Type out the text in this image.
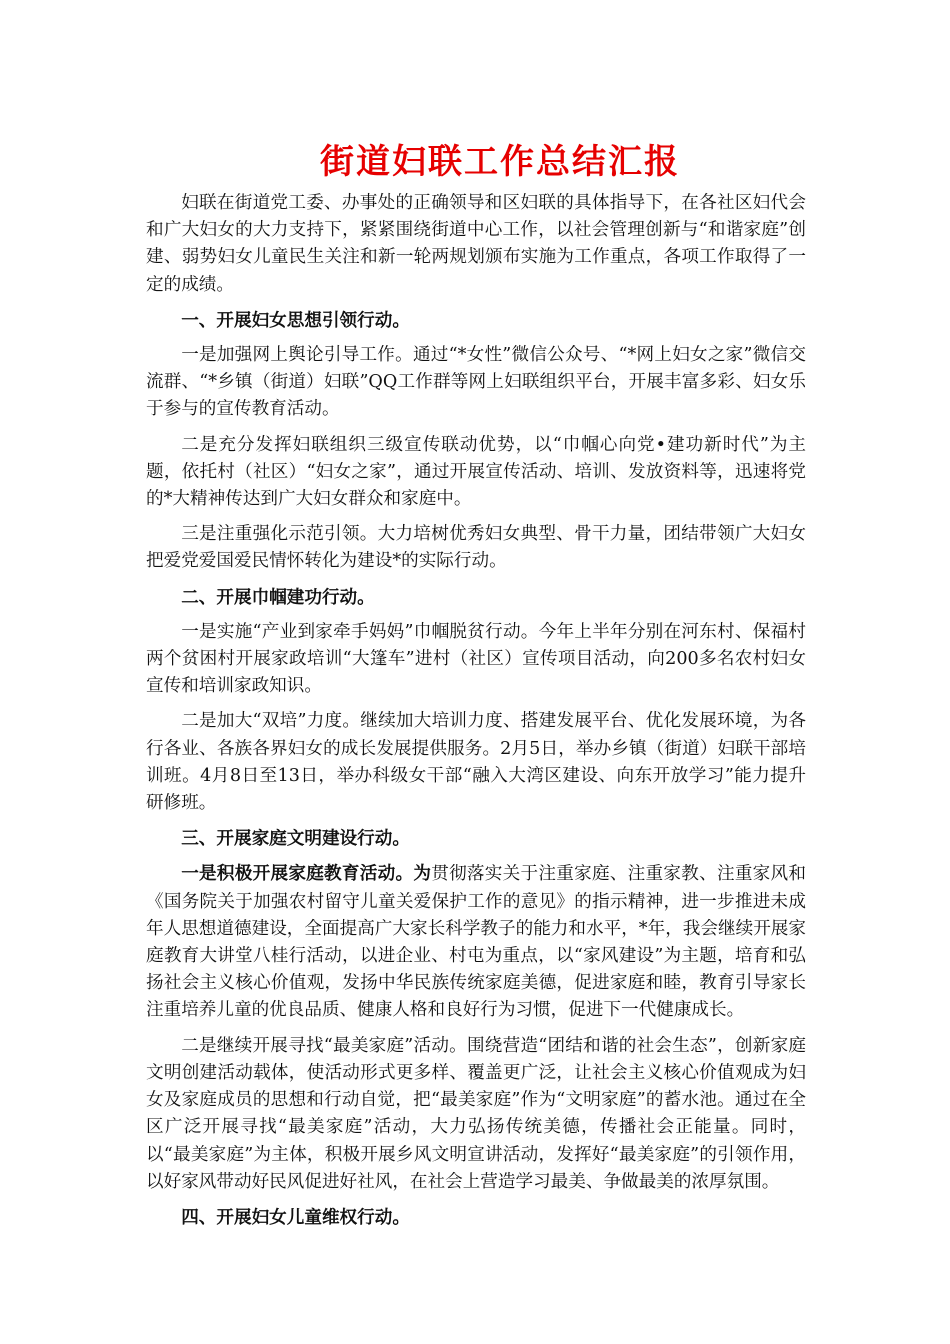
街道妇联工作总结汇报

妇联在街道党工委、办事处的正确领导和区妇联的具体指导下，在各社区妇代会和广大妇女的大力支持下，紧紧围绕街道中心工作，以社会管理创新与“和谐家庭”创建、弱势妇女儿童民生关注和新一轮两规划颁布实施为工作重点，各项工作取得了一定的成绩。

一、开展妇女思想引领行动。

一是加强网上舆论引导工作。通过“*女性”微信公众号、“*网上妇女之家”微信交流群、“*乡镇（街道）妇联”QQ工作群等网上妇联组织平台，开展丰富多彩、妇女乐于参与的宣传教育活动。

二是充分发挥妇联组织三级宣传联动优势，以“巾帼心向党•建功新时代”为主题，依托村（社区）“妇女之家”，通过开展宣传活动、培训、发放资料等，迅速将党的*大精神传达到广大妇女群众和家庭中。

三是注重强化示范引领。大力培树优秀妇女典型、骨干力量，团结带领广大妇女把爱党爱国爱民情怀转化为建设*的实际行动。

二、开展巾帼建功行动。

一是实施“产业到家牵手妈妈”巾帼脱贫行动。今年上半年分别在河东村、保福村两个贫困村开展家政培训“大篷车”进村（社区）宣传项目活动，向200多名农村妇女宣传和培训家政知识。

二是加大“双培”力度。继续加大培训力度、搭建发展平台、优化发展环境，为各行各业、各族各界妇女的成长发展提供服务。2月5日，举办乡镇（街道）妇联干部培训班。4月8日至13日，举办科级女干部“融入大湾区建设、向东开放学习”能力提升研修班。

三、开展家庭文明建设行动。

一是积极开展家庭教育活动。为贯彻落实关于注重家庭、注重家教、注重家风和《国务院关于加强农村留守儿童关爱保护工作的意见》的指示精神，进一步推进未成年人思想道德建设，全面提高广大家长科学教子的能力和水平，*年，我会继续开展家庭教育大讲堂八桂行活动，以进企业、村屯为重点，以“家风建设”为主题，培育和弘扬社会主义核心价值观，发扬中华民族传统家庭美德，促进家庭和睦，教育引导家长注重培养儿童的优良品质、健康人格和良好行为习惯，促进下一代健康成长。

二是继续开展寻找“最美家庭”活动。围绕营造“团结和谐的社会生态”，创新家庭文明创建活动载体，使活动形式更多样、覆盖更广泛，让社会主义核心价值观成为妇女及家庭成员的思想和行动自觉，把“最美家庭”作为“文明家庭”的蓄水池。通过在全区广泛开展寻找“最美家庭”活动，大力弘扬传统美德，传播社会正能量。同时，以“最美家庭”为主体，积极开展乡风文明宣讲活动，发挥好“最美家庭”的引领作用，以好家风带动好民风促进好社风，在社会上营造学习最美、争做最美的浓厚氛围。

四、开展妇女儿童维权行动。
